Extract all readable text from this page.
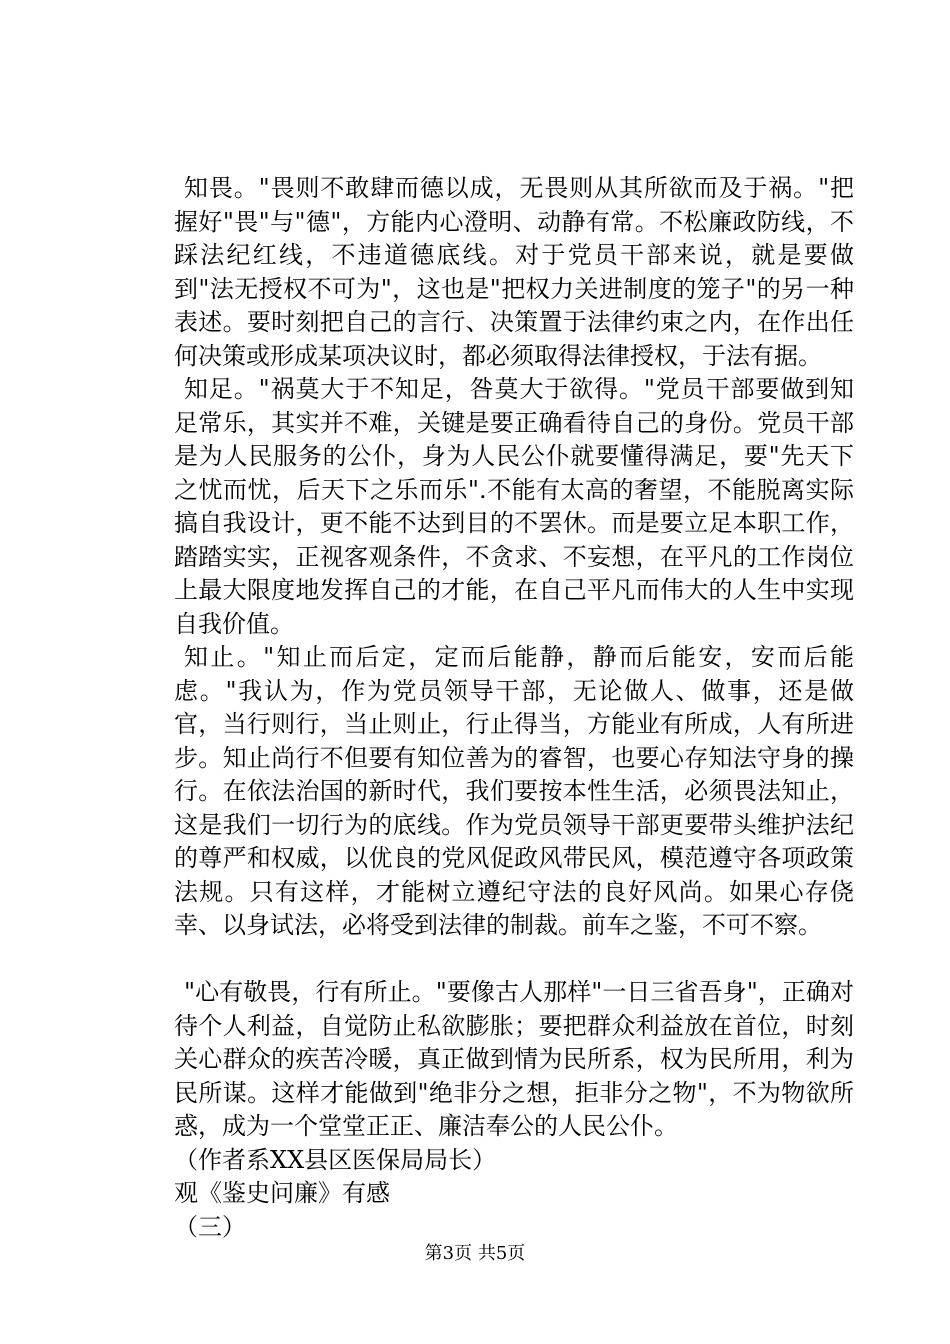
知畏。"畏则不敢肆而德以成，无畏则从其所欲而及于祸。"把握好"畏"与"德"，方能内心澄明、动静有常。不松廉政防线，不踩法纪红线，不违道德底线。对于党员干部来说，就是要做到"法无授权不可为"，这也是"把权力关进制度的笼子"的另一种表述。要时刻把自己的言行、决策置于法律约束之内，在作出任何决策或形成某项决议时，都必须取得法律授权，于法有据。

知足。"祸莫大于不知足，咎莫大于欲得。"党员干部要做到知足常乐，其实并不难，关键是要正确看待自己的身份。党员干部是为人民服务的公仆，身为人民公仆就要懂得满足，要"先天下之忧而忧，后天下之乐而乐".不能有太高的奢望，不能脱离实际搞自我设计，更不能不达到目的不罢休。而是要立足本职工作，踏踏实实，正视客观条件，不贪求、不妄想，在平凡的工作岗位上最大限度地发挥自己的才能，在自己平凡而伟大的人生中实现自我价值。

知止。"知止而后定，定而后能静，静而后能安，安而后能虑。"我认为，作为党员领导干部，无论做人、做事，还是做官，当行则行，当止则止，行止得当，方能业有所成，人有所进步。知止尚行不但要有知位善为的睿智，也要心存知法守身的操行。在依法治国的新时代，我们要按本性生活，必须畏法知止，这是我们一切行为的底线。作为党员领导干部更要带头维护法纪的尊严和权威，以优良的党风促政风带民风，模范遵守各项政策法规。只有这样，才能树立遵纪守法的良好风尚。如果心存侥幸、以身试法，必将受到法律的制裁。前车之鉴，不可不察。

"心有敬畏，行有所止。"要像古人那样"一日三省吾身"，正确对待个人利益，自觉防止私欲膨胀；要把群众利益放在首位，时刻关心群众的疾苦冷暖，真正做到情为民所系，权为民所用，利为民所谋。这样才能做到"绝非分之想，拒非分之物"，不为物欲所惑，成为一个堂堂正正、廉洁奉公的人民公仆。

（作者系XX县区医保局局长）

观《鉴史问廉》有感

（三）

第3页 共5页
